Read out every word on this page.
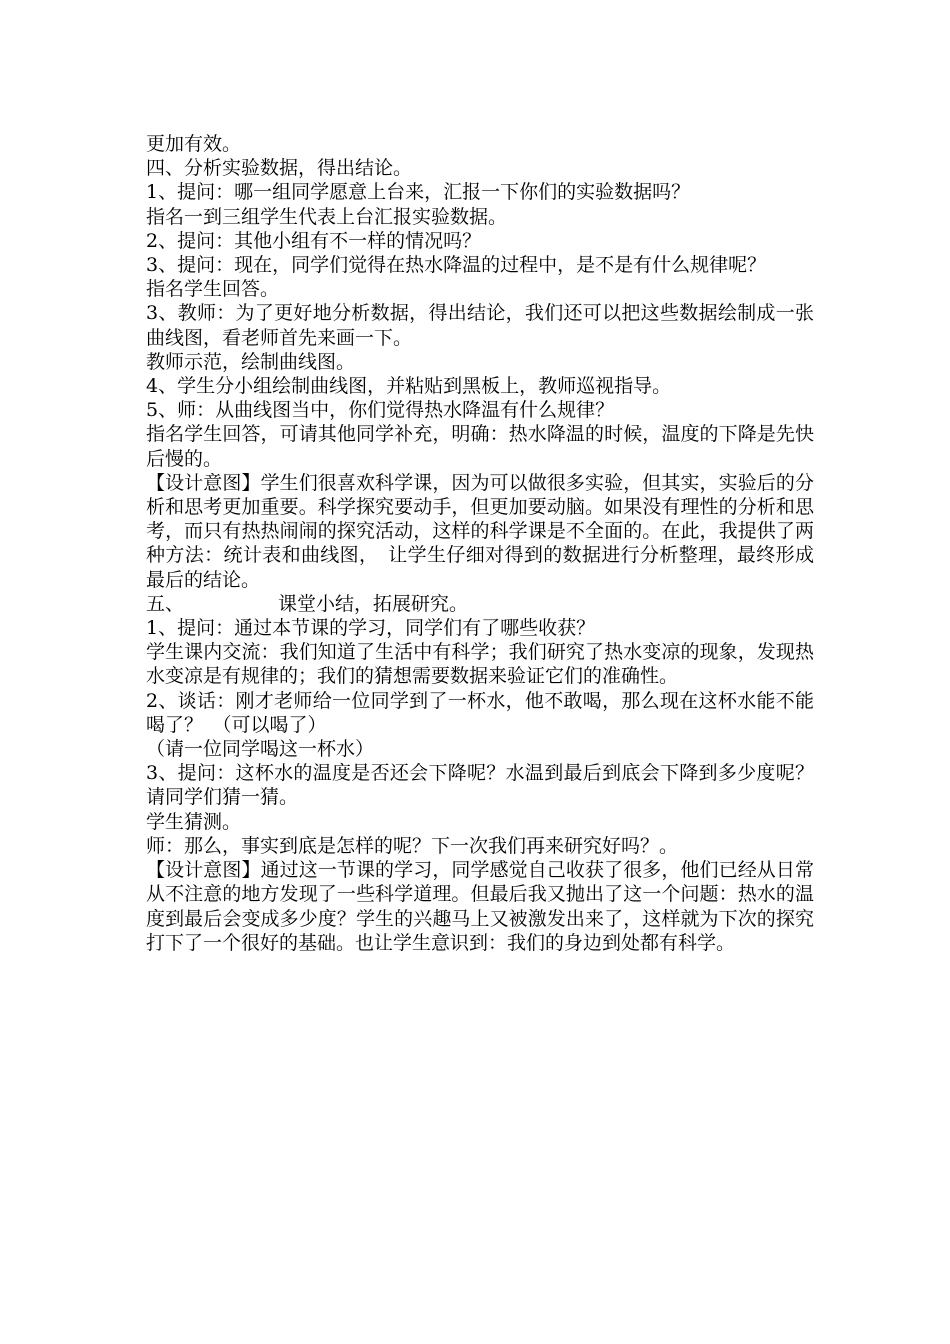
更加有效。

四、分析实验数据，得出结论。

1、提问：哪一组同学愿意上台来，汇报一下你们的实验数据吗？

指名一到三组学生代表上台汇报实验数据。

2、提问：其他小组有不一样的情况吗？

3、提问：现在，同学们觉得在热水降温的过程中，是不是有什么规律呢？

指名学生回答。

3、教师：为了更好地分析数据，得出结论，我们还可以把这些数据绘制成一张曲线图，看老师首先来画一下。

教师示范，绘制曲线图。

4、学生分小组绘制曲线图，并粘贴到黑板上，教师巡视指导。

5、师：从曲线图当中，你们觉得热水降温有什么规律？

指名学生回答，可请其他同学补充，明确：热水降温的时候，温度的下降是先快后慢的。

【设计意图】学生们很喜欢科学课，因为可以做很多实验，但其实，实验后的分析和思考更加重要。科学探究要动手，但更加要动脑。如果没有理性的分析和思考，而只有热热闹闹的探究活动，这样的科学课是不全面的。在此，我提供了两种方法：统计表和曲线图，　让学生仔细对得到的数据进行分析整理，最终形成最后的结论。

五、	课堂小结，拓展研究。

1、提问：通过本节课的学习，同学们有了哪些收获？

学生课内交流：我们知道了生活中有科学；我们研究了热水变凉的现象，发现热水变凉是有规律的；我们的猜想需要数据来验证它们的准确性。

2、谈话：刚才老师给一位同学到了一杯水，他不敢喝，那么现在这杯水能不能喝了？　（可以喝了）

（请一位同学喝这一杯水）

3、提问：这杯水的温度是否还会下降呢？水温到最后到底会下降到多少度呢？请同学们猜一猜。

学生猜测。

师：那么，事实到底是怎样的呢？下一次我们再来研究好吗？。

【设计意图】通过这一节课的学习，同学感觉自己收获了很多，他们已经从日常从不注意的地方发现了一些科学道理。但最后我又抛出了这一个问题：热水的温度到最后会变成多少度？学生的兴趣马上又被激发出来了，这样就为下次的探究打下了一个很好的基础。也让学生意识到：我们的身边到处都有科学。
